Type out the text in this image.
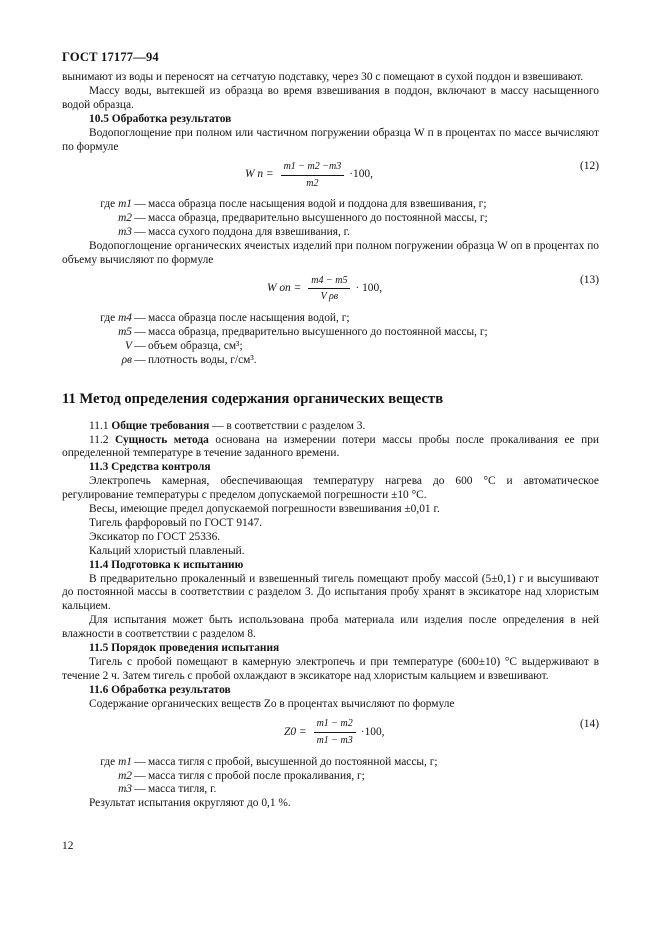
ГОСТ 17177—94

вынимают из воды и переносят на сетчатую подставку, через 30 с помещают в сухой поддон и взвешивают.

Массу воды, вытекшей из образца во время взвешивания в поддон, включают в массу насыщенного водой образца.

10.5 Обработка результатов

Водопоглощение при полном или частичном погружении образца W п в процентах по массе вычисляют по формуле

W $п = \frac{m1 - m2 -m3}{m2} \cdot 100$,
(12)
где m1 — масса образца после насыщения водой и поддона для взвешивания, г;
m2 — масса образца, предварительно высушенного до постоянной массы, г;
m3 — масса сухого поддона для взвешивания, г.

Водопоглощение органических ячеистых изделий при полном погружении образца W оп в процентах по объему вычисляют по формуле

W оп = $\frac{m4 - m5}{\text{V ρв}} \cdot 100$,
(13)
где m4 — масса образца после насыщения водой, г;
m5 — масса образца, предварительно высушенного до постоянной массы, г;
V — объем образца, см³;
ρв — плотность воды, г/см³.

11 Метод определения содержания органических веществ

11.1 Общие требования — в соответствии с разделом 3.

11.2 Сущность метода основана на измерении потери массы пробы после прокаливания ее при определенной температуре в течение заданного времени.

11.3 Средства контроля

Электропечь камерная, обеспечивающая температуру нагрева до 600 °С и автоматическое регулирование температуры с пределом допускаемой погрешности ±10 °С.

Весы, имеющие предел допускаемой погрешности взвешивания ±0,01 г.

Тигель фарфоровый по ГОСТ 9147.

Эксикатор по ГОСТ 25336.

Кальций хлористый плавленый.

11.4 Подготовка к испытанию

В предварительно прокаленный и взвешенный тигель помещают пробу массой (5±0,1) г и высушивают до постоянной массы в соответствии с разделом 3. До испытания пробу хранят в эксикаторе над хлористым кальцием.

Для испытания может быть использована проба материала или изделия после определения в ней влажности в соответствии с разделом 8.

11.5 Порядок проведения испытания

Тигель с пробой помещают в камерную электропечь и при температуре (600±10) °С выдерживают в течение 2 ч. Затем тигель с пробой охлаждают в эксикаторе над хлористым кальцием и взвешивают.

11.6 Обработка результатов

Содержание органических веществ Zо в процентах вычисляют по формуле

$Z0 = \frac{m1 - m2}{m1 - m3} \cdot 100$,
(14)
где m1 — масса тигля с пробой, высушенной до постоянной массы, г;
m2 — масса тигля с пробой после прокаливания, г;
m3 — масса тигля, г.

Результат испытания округляют до 0,1 %.

12
